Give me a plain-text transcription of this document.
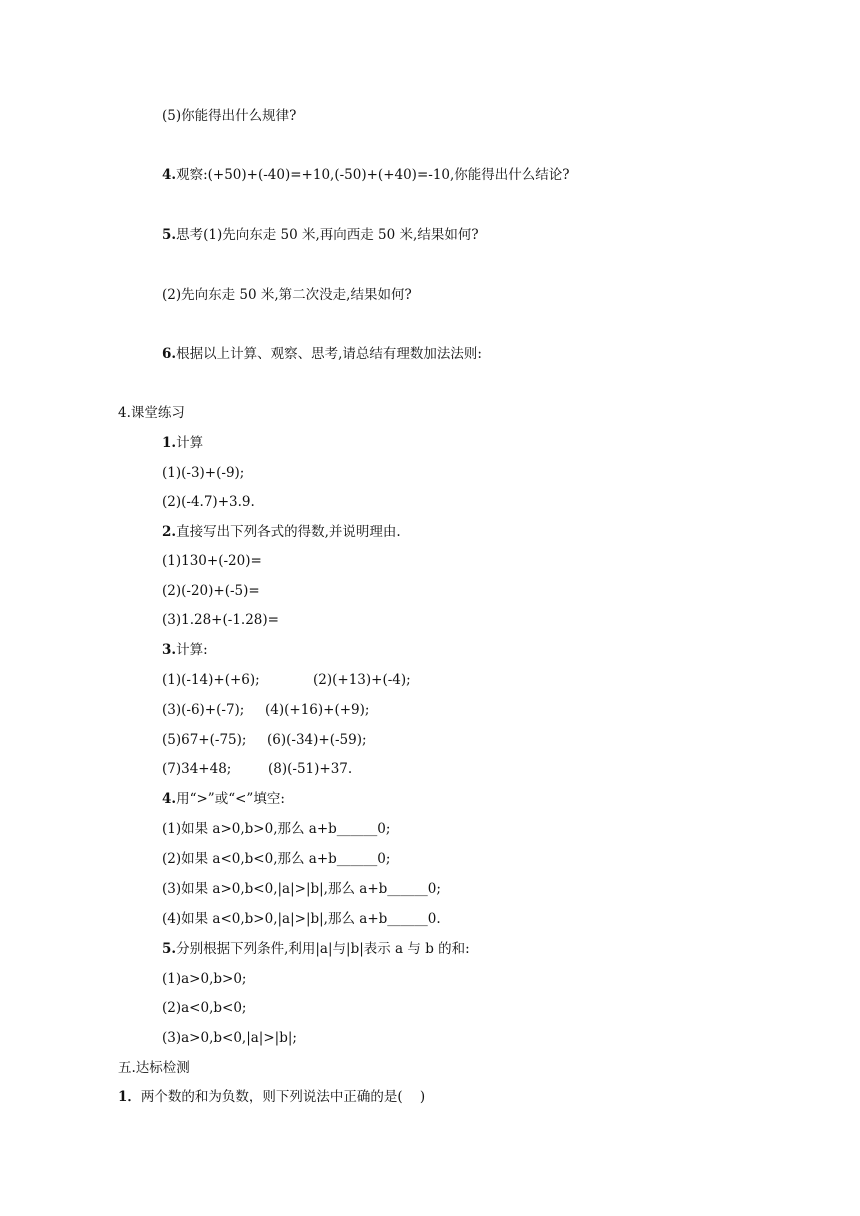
(5)你能得出什么规律?
4.观察:(+50)+(-40)=+10,(-50)+(+40)=-10,你能得出什么结论?
5.思考(1)先向东走 50 米,再向西走 50 米,结果如何?
(2)先向东走 50 米,第二次没走,结果如何?
6.根据以上计算、观察、思考,请总结有理数加法法则:
4.课堂练习
1.计算
(1)(-3)+(-9);
(2)(-4.7)+3.9.
2.直接写出下列各式的得数,并说明理由.
(1)130+(-20)=
(2)(-20)+(-5)=
(3)1.28+(-1.28)=
3.计算:
(1)(-14)+(+6);	(2)(+13)+(-4);
(3)(-6)+(-7); (4)(+16)+(+9);
(5)67+(-75); (6)(-34)+(-59);
(7)34+48;	(8)(-51)+37.
4.用“>”或“<”填空:
(1)如果 a>0,b>0,那么 a+b______0;
(2)如果 a<0,b<0,那么 a+b______0;
(3)如果 a>0,b<0,|a|>|b|,那么 a+b______0;
(4)如果 a<0,b>0,|a|>|b|,那么 a+b______0.
5.分别根据下列条件,利用|a|与|b|表示 a 与 b 的和:
(1)a>0,b>0;
(2)a<0,b<0;
(3)a>0,b<0,|a|>|b|;
五.达标检测
1．两个数的和为负数，则下列说法中正确的是(    )
